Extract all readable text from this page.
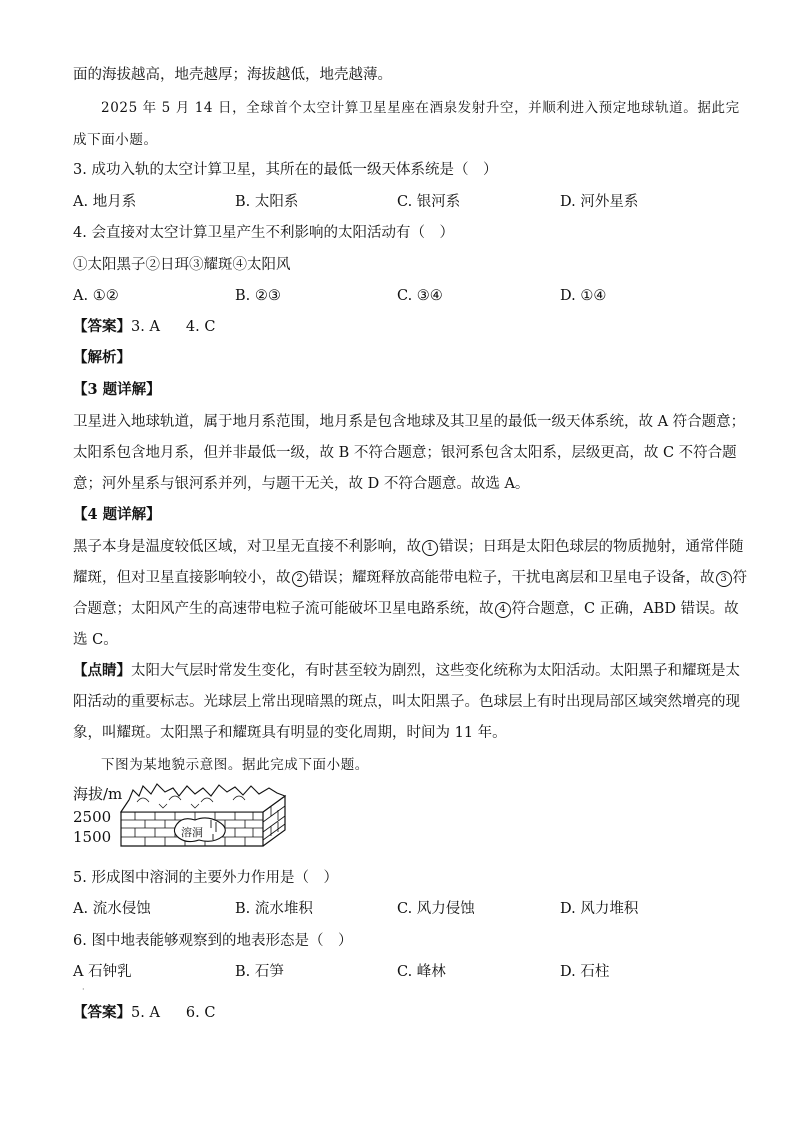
面的海拔越高，地壳越厚；海拔越低，地壳越薄。
2025 年 5 月 14 日，全球首个太空计算卫星星座在酒泉发射升空，并顺利进入预定地球轨道。据此完
成下面小题。
3. 成功入轨的太空计算卫星，其所在的最低一级天体系统是（　）
A. 地月系	B. 太阳系	C. 银河系	D. 河外星系
4. 会直接对太空计算卫星产生不利影响的太阳活动有（　）
①太阳黑子②日珥③耀斑④太阳风
A. ①②	B. ②③	C. ③④	D. ①④
【答案】3. A 4. C
【解析】
【3 题详解】
卫星进入地球轨道，属于地月系范围，地月系是包含地球及其卫星的最低一级天体系统，故 A 符合题意；
太阳系包含地月系，但并非最低一级，故 B 不符合题意；银河系包含太阳系，层级更高，故 C 不符合题
意；河外星系与银河系并列，与题干无关，故 D 不符合题意。故选 A。
【4 题详解】
黑子本身是温度较低区域，对卫星无直接不利影响，故 1 错误；日珥是太阳色球层的物质抛射，通常伴随
耀斑，但对卫星直接影响较小，故 2 错误；耀斑释放高能带电粒子，干扰电离层和卫星电子设备，故 3 符
合题意；太阳风产生的高速带电粒子流可能破坏卫星电路系统，故 4 符合题意，C 正确，ABD 错误。故
选 C。
【点睛】太阳大气层时常发生变化，有时甚至较为剧烈，这些变化统称为太阳活动。太阳黑子和耀斑是太
阳活动的重要标志。光球层上常出现暗黑的斑点，叫太阳黑子。色球层上有时出现局部区域突然增亮的现
象，叫耀斑。太阳黑子和耀斑具有明显的变化周期，时间为 11 年。
下图为某地貌示意图。据此完成下面小题。
海拔/m
2500
1500	溶洞
5. 形成图中溶洞的主要外力作用是（　）
A. 流水侵蚀	B. 流水堆积	C. 风力侵蚀	D. 风力堆积
6. 图中地表能够观察到的地表形态是（　）
A 石钟乳	B. 石笋	C. 峰林	D. 石柱
·
【答案】5. A 6. C
